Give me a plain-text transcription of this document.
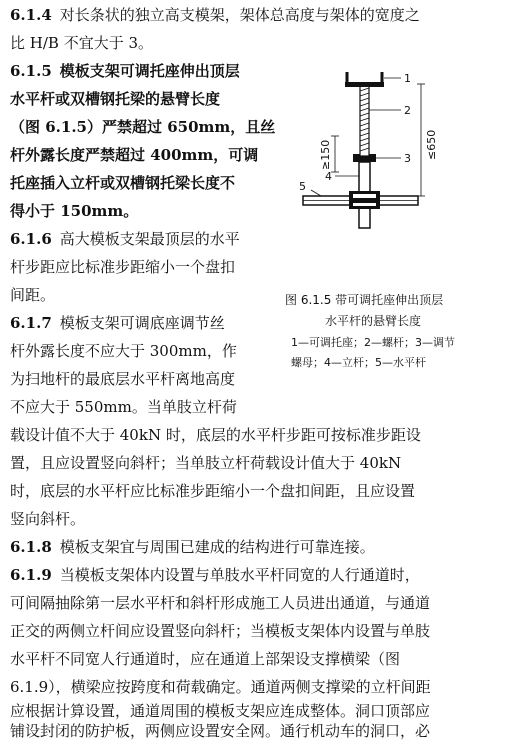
6.1.4 对长条状的独立高支模架，架体总高度与架体的宽度之
比 H/B 不宜大于 3。
6.1.5 模板支架可调托座伸出顶层
水平杆或双槽钢托梁的悬臂长度
（图 6.1.5）严禁超过 650mm，且丝
杆外露长度严禁超过 400mm，可调
托座插入立杆或双槽钢托梁长度不
得小于 150mm。
6.1.6 高大模板支架最顶层的水平
杆步距应比标准步距缩小一个盘扣
间距。
6.1.7 模板支架可调底座调节丝
杆外露长度不应大于 300mm，作
为扫地杆的最底层水平杆离地高度
不应大于 550mm。当单肢立杆荷
载设计值不大于 40kN 时，底层的水平杆步距可按标准步距设
置，且应设置竖向斜杆；当单肢立杆荷载设计值大于 40kN
时，底层的水平杆应比标准步距缩小一个盘扣间距，且应设置
竖向斜杆。
6.1.8 模板支架宜与周围已建成的结构进行可靠连接。
6.1.9 当模板支架体内设置与单肢水平杆同宽的人行通道时，
可间隔抽除第一层水平杆和斜杆形成施工人员进出通道，与通道
正交的两侧立杆间应设置竖向斜杆；当模板支架体内设置与单肢
水平杆不同宽人行通道时，应在通道上部架设支撑横梁（图
6.1.9），横梁应按跨度和荷载确定。通道两侧支撑梁的立杆间距
应根据计算设置，通道周围的模板支架应连成整体。洞口顶部应
铺设封闭的防护板，两侧应设置安全网。通行机动车的洞口，必
1
2
3
4
5
≥150	≤650
图 6.1.5 带可调托座伸出顶层
水平杆的悬臂长度
1—可调托座；2—螺杆；3—调节
螺母；4—立杆；5—水平杆
